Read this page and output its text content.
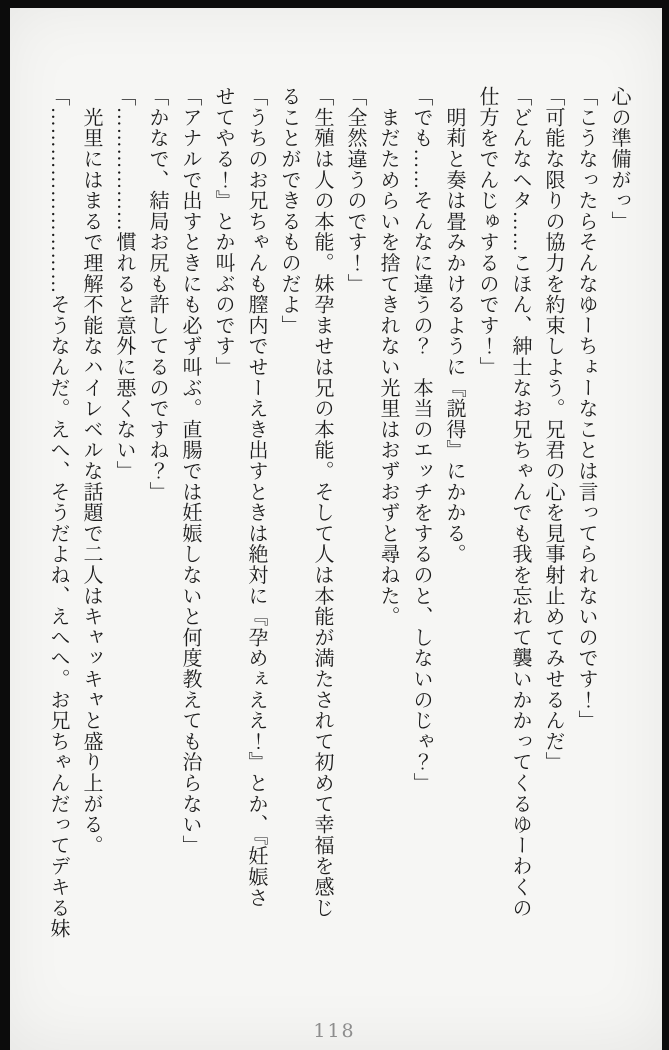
心の準備がっ」

「こうなったらそんなゆーちょーなことは言ってられないのです！」

「可能な限りの協力を約束しよう。兄君の心を見事射止めてみせるんだ」

「どんなヘタ……こほん、紳士なお兄ちゃんでも我を忘れて襲いかかってくるゆーわくの

仕方をでんじゅするのです！」

　明莉と奏は畳みかけるように『説得』にかかる。

「でも……そんなに違うの？　本当のエッチをするのと、しないのじゃ？」

　まだためらいを捨てきれない光里はおずおずと尋ねた。

「全然違うのです！」

「生殖は人の本能。妹孕ませは兄の本能。そして人は本能が満たされて初めて幸福を感じ

ることができるものだよ」

「うちのお兄ちゃんも膣内でせーえき出すときは絶対に『孕めぇええ！』とか、『妊娠さ

せてやる！』とか叫ぶのです」

「アナルで出すときにも必ず叫ぶ。直腸では妊娠しないと何度教えても治らない」

「かなで、結局お尻も許してるのですね？」

「………………慣れると意外に悪くない」

　光里にはまるで理解不能なハイレベルな話題で二人はキャッキャと盛り上がる。

「………………………そうなんだ。えへ、そうだよね、えへへ。お兄ちゃんだってデキる妹

118
